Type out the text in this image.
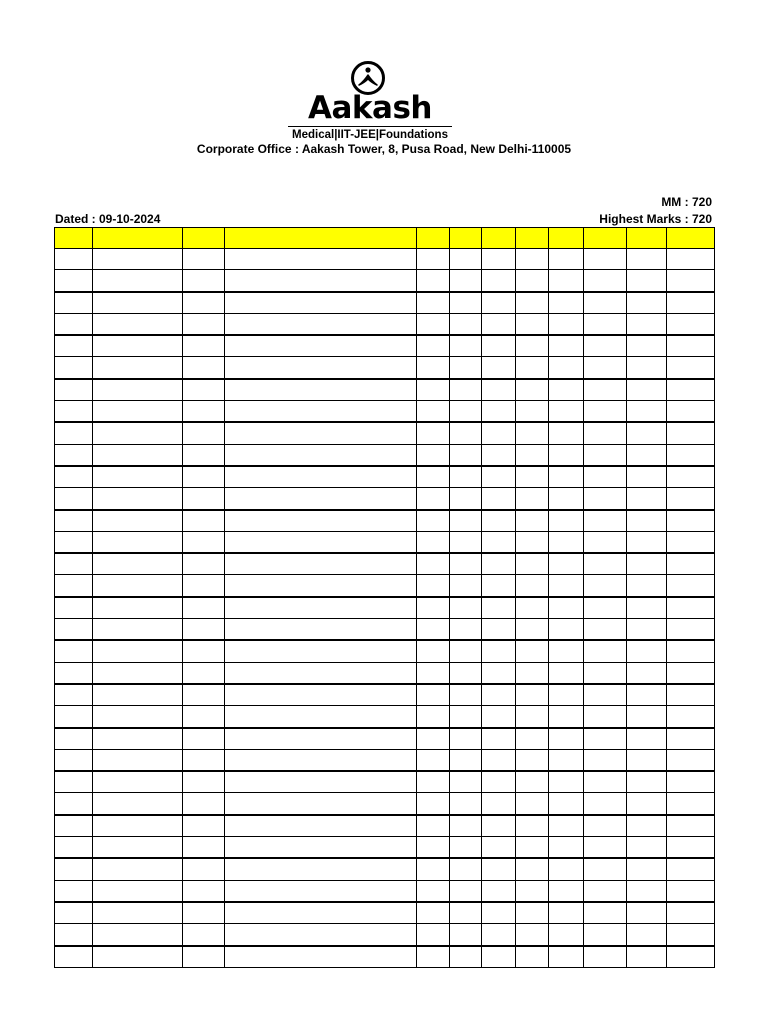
Aakash
Medical|IIT-JEE|Foundations
Corporate Office : Aakash Tower, 8, Pusa Road, New Delhi-110005
MM : 720
Dated : 09-10-2024	Highest Marks : 720
